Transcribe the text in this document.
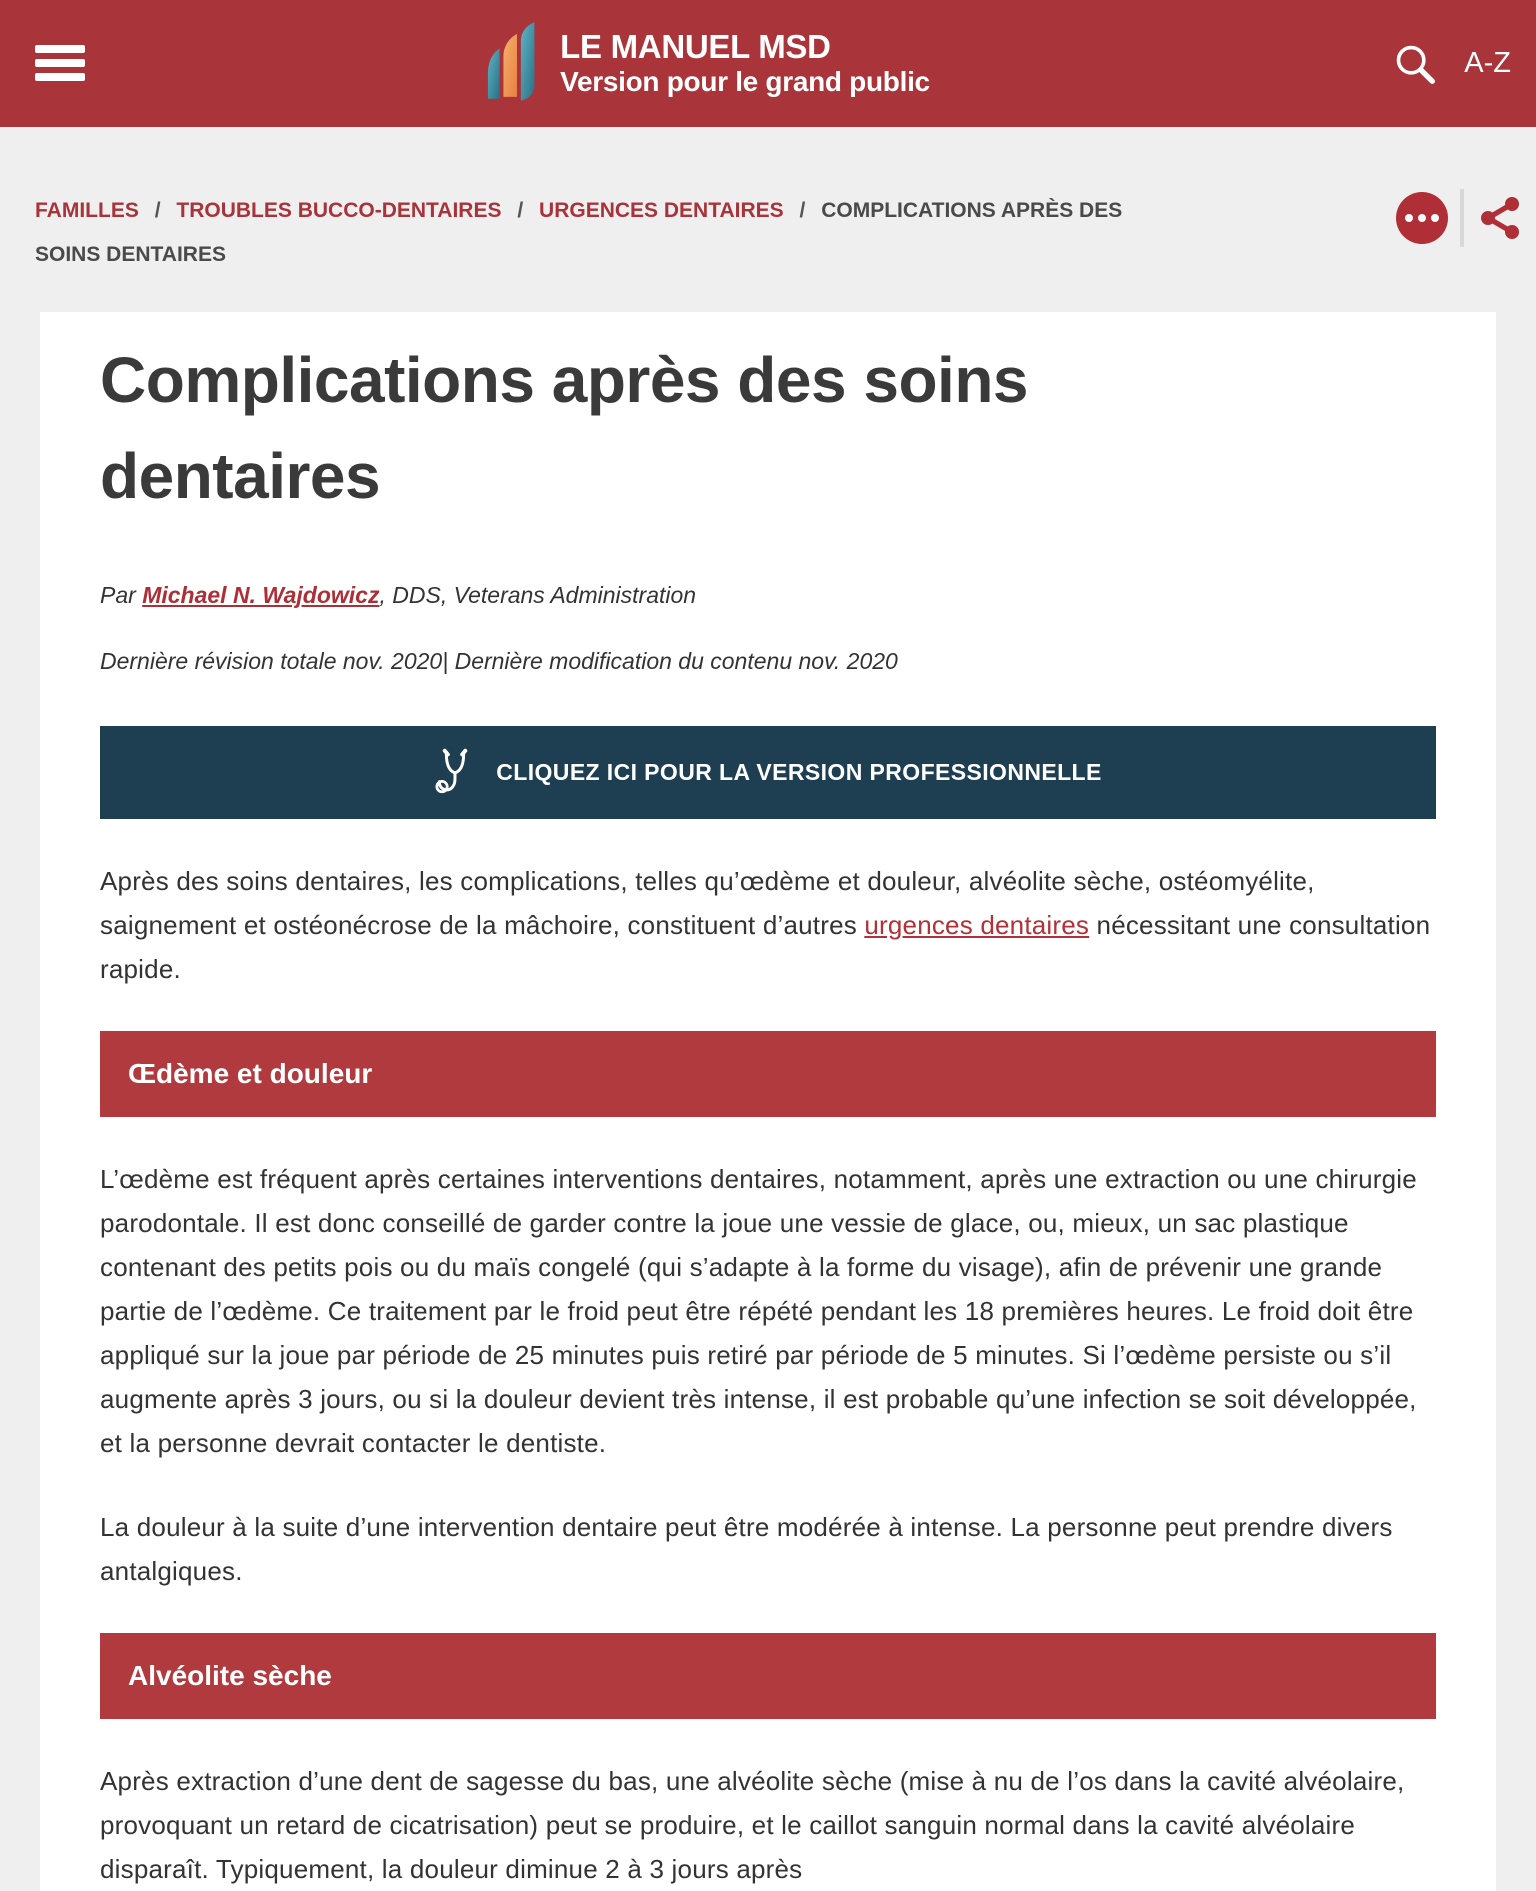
LE MANUEL MSD
Version pour le grand public
A-Z
FAMILLES / TROUBLES BUCCO-DENTAIRES / URGENCES DENTAIRES / COMPLICATIONS APRÈS DES SOINS DENTAIRES
Complications après des soins dentaires

Par Michael N. Wajdowicz, DDS, Veterans Administration

Dernière révision totale nov. 2020| Dernière modification du contenu nov. 2020

CLIQUEZ ICI POUR LA VERSION PROFESSIONNELLE

Après des soins dentaires, les complications, telles qu’œdème et douleur, alvéolite sèche, ostéomyélite, saignement et ostéonécrose de la mâchoire, constituent d’autres urgences dentaires nécessitant une consultation rapide.

Œdème et douleur

L’œdème est fréquent après certaines interventions dentaires, notamment, après une extraction ou une chirurgie parodontale. Il est donc conseillé de garder contre la joue une vessie de glace, ou, mieux, un sac plastique contenant des petits pois ou du maïs congelé (qui s’adapte à la forme du visage), afin de prévenir une grande partie de l’œdème. Ce traitement par le froid peut être répété pendant les 18 premières heures. Le froid doit être appliqué sur la joue par période de 25 minutes puis retiré par période de 5 minutes. Si l’œdème persiste ou s’il augmente après 3 jours, ou si la douleur devient très intense, il est probable qu’une infection se soit développée, et la personne devrait contacter le dentiste.

La douleur à la suite d’une intervention dentaire peut être modérée à intense. La personne peut prendre divers antalgiques.

Alvéolite sèche

Après extraction d’une dent de sagesse du bas, une alvéolite sèche (mise à nu de l’os dans la cavité alvéolaire, provoquant un retard de cicatrisation) peut se produire, et le caillot sanguin normal dans la cavité alvéolaire disparaît. Typiquement, la douleur diminue 2 à 3 jours après
